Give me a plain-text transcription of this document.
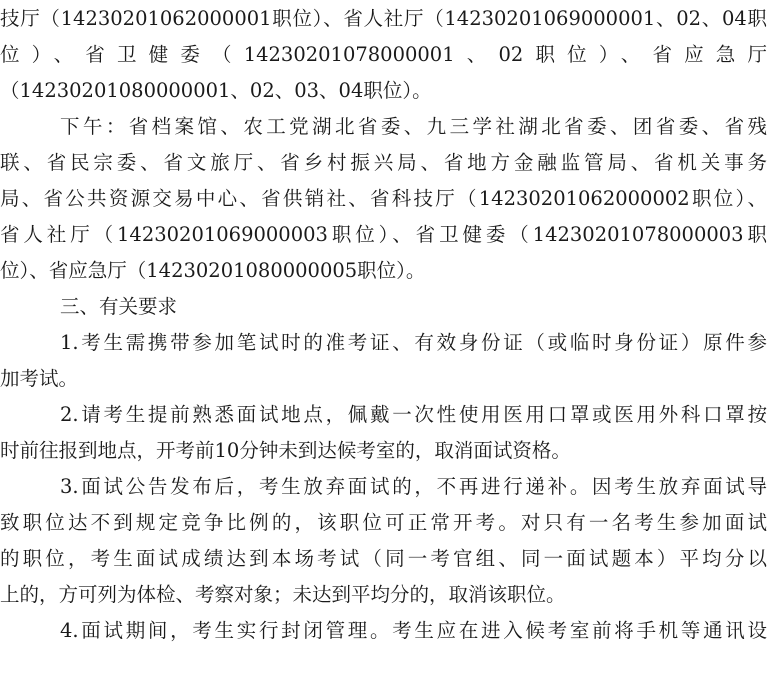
技厅（14230201062000001职位）、省人社厅（14230201069000001、02、04职
位）、省卫健委（14230201078000001、02职位）、省应急厅
（14230201080000001、02、03、04职位）。
下午：省档案馆、农工党湖北省委、九三学社湖北省委、团省委、省残
联、省民宗委、省文旅厅、省乡村振兴局、省地方金融监管局、省机关事务
局、省公共资源交易中心、省供销社、省科技厅（14230201062000002职位）、
省人社厅（14230201069000003职位）、省卫健委（14230201078000003职
位）、省应急厅（14230201080000005职位）。
三、有关要求
1.考生需携带参加笔试时的准考证、有效身份证（或临时身份证）原件参
加考试。
2.请考生提前熟悉面试地点，佩戴一次性使用医用口罩或医用外科口罩按
时前往报到地点，开考前10分钟未到达候考室的，取消面试资格。
3.面试公告发布后，考生放弃面试的，不再进行递补。因考生放弃面试导
致职位达不到规定竞争比例的，该职位可正常开考。对只有一名考生参加面试
的职位，考生面试成绩达到本场考试（同一考官组、同一面试题本）平均分以
上的，方可列为体检、考察对象；未达到平均分的，取消该职位。
4.面试期间，考生实行封闭管理。考生应在进入候考室前将手机等通讯设
